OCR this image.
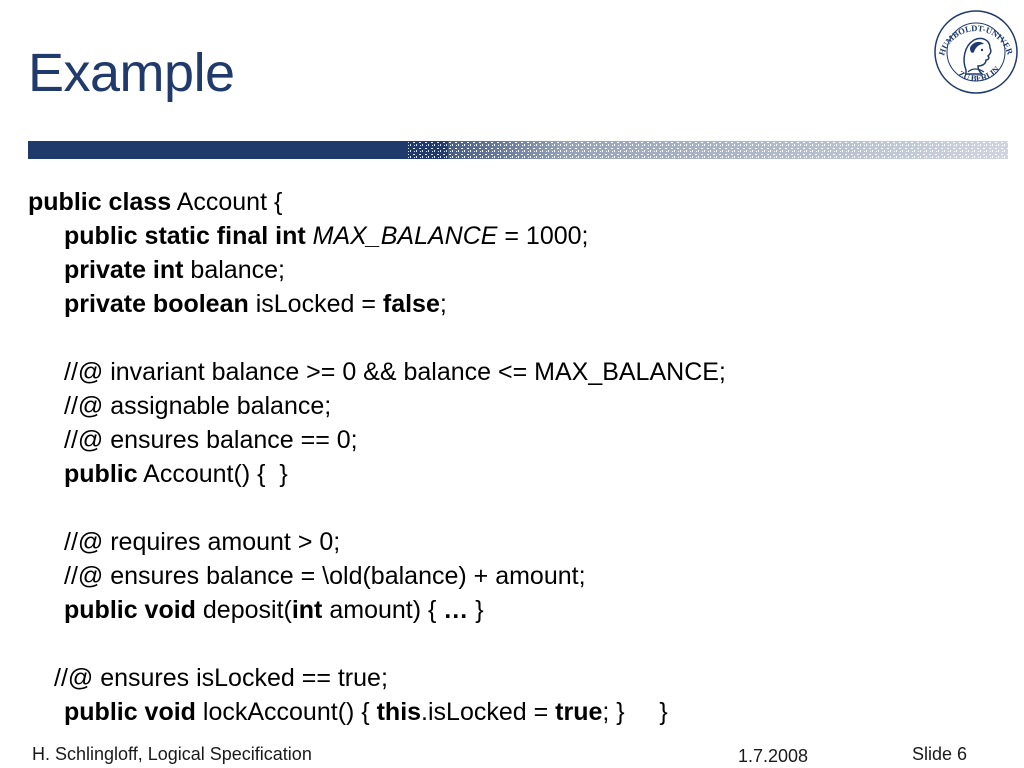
Example	HUMBOLDT-UNIVER
ZU BERLIN
public class Account {
public static final int MAX_BALANCE = 1000;
private int balance;
private boolean isLocked = false;
//@ invariant balance >= 0 && balance <= MAX_BALANCE;
//@ assignable balance;
//@ ensures balance == 0;
public Account() {  }
//@ requires amount > 0;
//@ ensures balance = \old(balance) + amount;
public void deposit(int amount) { … }
//@ ensures isLocked == true;
public void lockAccount() { this.isLocked = true; }     }
H. Schlingloff, Logical Specification	1.7.2008	Slide 6
